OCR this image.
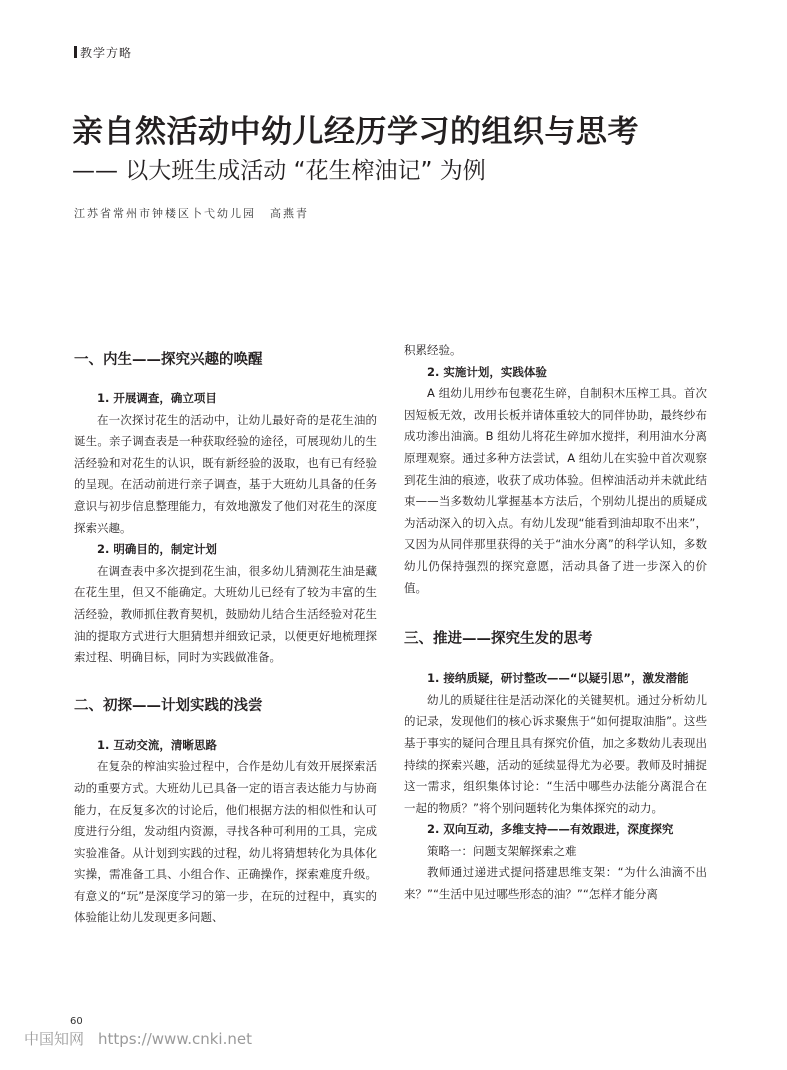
教学方略
亲自然活动中幼儿经历学习的组织与思考
—— 以大班生成活动 “花生榨油记” 为例
江苏省常州市钟楼区卜弋幼儿园 高燕青
一、内生——探究兴趣的唤醒
1. 开展调查，确立项目

在一次探讨花生的活动中，让幼儿最好奇的是花生油的诞生。亲子调查表是一种获取经验的途径，可展现幼儿的生活经验和对花生的认识，既有新经验的汲取，也有已有经验的呈现。在活动前进行亲子调查，基于大班幼儿具备的任务意识与初步信息整理能力，有效地激发了他们对花生的深度探索兴趣。

2. 明确目的，制定计划

在调查表中多次提到花生油，很多幼儿猜测花生油是藏在花生里，但又不能确定。大班幼儿已经有了较为丰富的生活经验，教师抓住教育契机，鼓励幼儿结合生活经验对花生油的提取方式进行大胆猜想并细致记录，以便更好地梳理探索过程、明确目标，同时为实践做准备。

二、初探——计划实践的浅尝
1. 互动交流，清晰思路

在复杂的榨油实验过程中，合作是幼儿有效开展探索活动的重要方式。大班幼儿已具备一定的语言表达能力与协商能力，在反复多次的讨论后，他们根据方法的相似性和认可度进行分组，发动组内资源，寻找各种可利用的工具，完成实验准备。从计划到实践的过程，幼儿将猜想转化为具体化实操，需准备工具、小组合作、正确操作，探索难度升级。有意义的“玩”是深度学习的第一步，在玩的过程中，真实的体验能让幼儿发现更多问题、

积累经验。

2. 实施计划，实践体验

A 组幼儿用纱布包裹花生碎，自制积木压榨工具。首次因短板无效，改用长板并请体重较大的同伴协助，最终纱布成功渗出油滴。B 组幼儿将花生碎加水搅拌，利用油水分离原理观察。通过多种方法尝试，A 组幼儿在实验中首次观察到花生油的痕迹，收获了成功体验。但榨油活动并未就此结束——当多数幼儿掌握基本方法后，个别幼儿提出的质疑成为活动深入的切入点。有幼儿发现“能看到油却取不出来”，又因为从同伴那里获得的关于“油水分离”的科学认知，多数幼儿仍保持强烈的探究意愿，活动具备了进一步深入的价值。

三、推进——探究生发的思考
1. 接纳质疑，研讨整改——“以疑引思”，激发潜能

幼儿的质疑往往是活动深化的关键契机。通过分析幼儿的记录，发现他们的核心诉求聚焦于“如何提取油脂”。这些基于事实的疑问合理且具有探究价值，加之多数幼儿表现出持续的探索兴趣，活动的延续显得尤为必要。教师及时捕捉这一需求，组织集体讨论：“生活中哪些办法能分离混合在一起的物质？”将个别问题转化为集体探究的动力。

2. 双向互动，多维支持——有效跟进，深度探究
策略一：问题支架解探索之难

教师通过递进式提问搭建思维支架：“为什么油滴不出来？”“生活中见过哪些形态的油？”“怎样才能分离

60
中国知网 https://www.cnki.net
